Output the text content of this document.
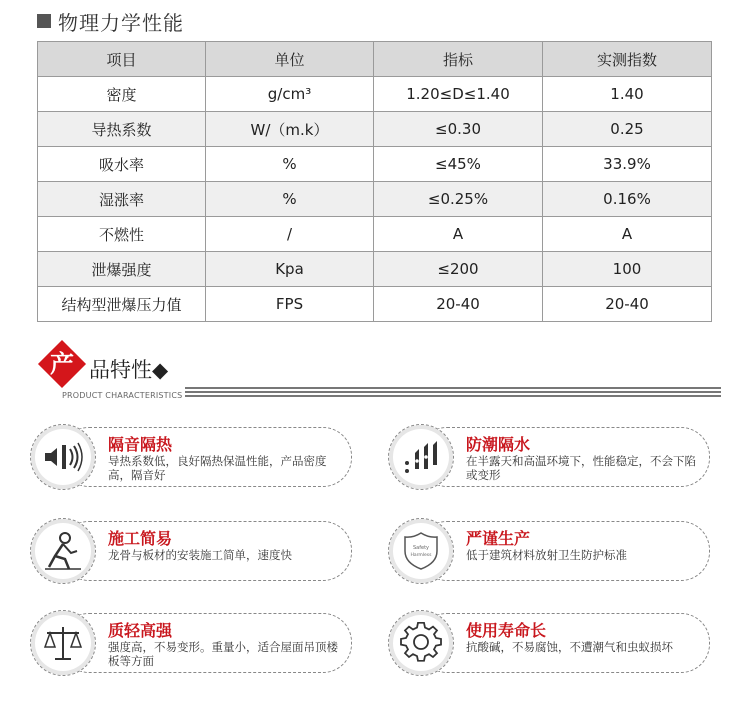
物理力学性能
项目	单位	指标	实测指数
密度	g/cm³	1.20≤D≤1.40	1.40
导热系数	W/（m.k）	≤0.30	0.25
吸水率	%	≤45%	33.9%
湿涨率	%	≤0.25%	0.16%
不燃性	/	A	A
泄爆强度	Kpa	≤200	100
结构型泄爆压力值	FPS	20-40	20-40
产 品特性◆
PRODUCT CHARACTERISTICS
隔音隔热
导热系数低，良好隔热保温性能，产品密度高，隔音好
防潮隔水
在半露天和高温环境下，性能稳定，不会下陷或变形
施工简易
龙骨与板材的安装施工简单，速度快	Safety
Harmless
严谨生产
低于建筑材料放射卫生防护标准
质轻高强
强度高，不易变形。重量小，适合屋面吊顶楼板等方面
使用寿命长
抗酸碱，不易腐蚀，不遭潮气和虫蚁损坏
